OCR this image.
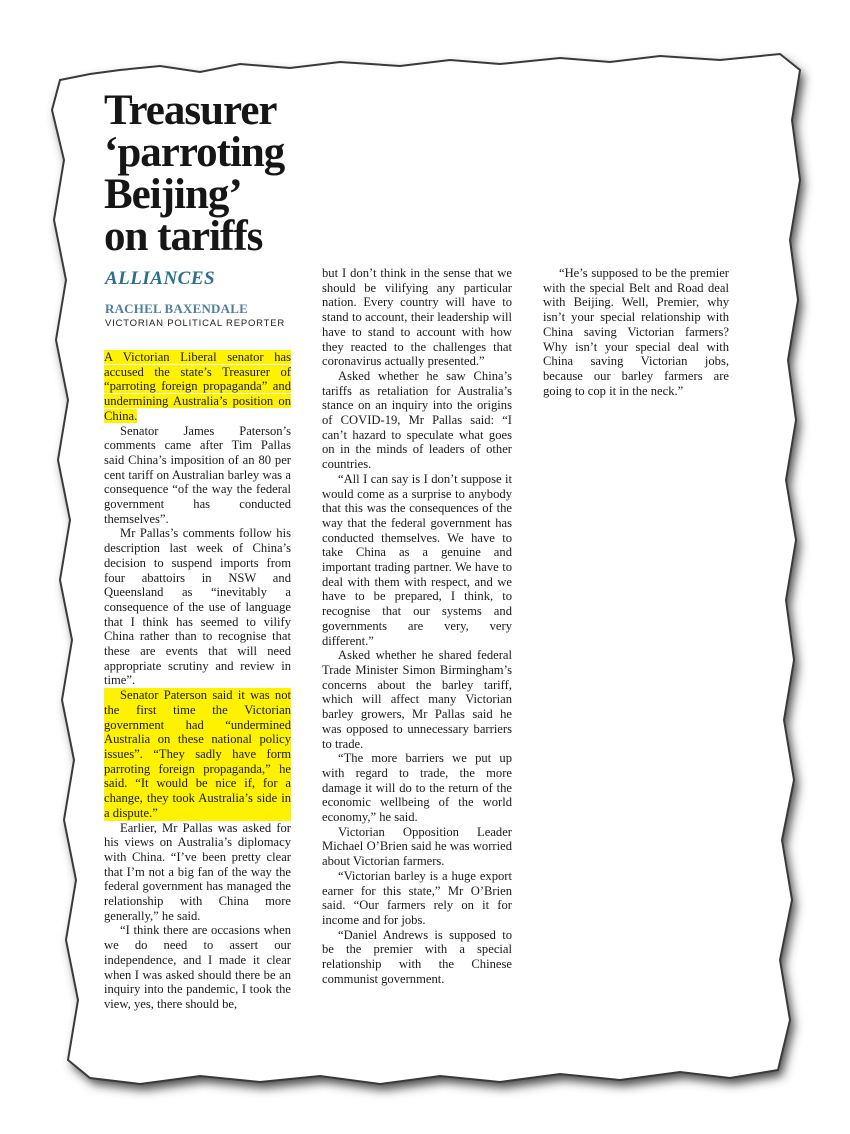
Treasurer
‘parroting
Beijing’
on tariffs
ALLIANCES
RACHEL BAXENDALE
VICTORIAN POLITICAL REPORTER

A Victorian Liberal senator has accused the state’s Treasurer of “parroting foreign propaganda” and undermining Australia’s position on China.

Senator James Paterson’s comments came after Tim Pallas said China’s imposition of an 80 per cent tariff on Australian barley was a consequence “of the way the federal government has conducted themselves”.

Mr Pallas’s comments follow his description last week of China’s decision to suspend imports from four abattoirs in NSW and Queensland as “inevitably a consequence of the use of language that I think has seemed to vilify China rather than to recognise that these are events that will need appropriate scrutiny and review in time”.

Senator Paterson said it was not the first time the Victorian government had “undermined Australia on these national policy issues”. “They sadly have form parroting foreign propaganda,” he said. “It would be nice if, for a change, they took Australia’s side in a dispute.”

Earlier, Mr Pallas was asked for his views on Australia’s diplomacy with China. “I’ve been pretty clear that I’m not a big fan of the way the federal government has managed the relationship with China more generally,” he said.

“I think there are occasions when we do need to assert our independence, and I made it clear when I was asked should there be an inquiry into the pandemic, I took the view, yes, there should be,

but I don’t think in the sense that we should be vilifying any particular nation. Every country will have to stand to account, their leadership will have to stand to account with how they reacted to the challenges that coronavirus actually presented.”

Asked whether he saw China’s tariffs as retaliation for Australia’s stance on an inquiry into the origins of COVID-19, Mr Pallas said: “I can’t hazard to speculate what goes on in the minds of leaders of other countries.

“All I can say is I don’t suppose it would come as a surprise to anybody that this was the consequences of the way that the federal government has conducted themselves. We have to take China as a genuine and important trading partner. We have to deal with them with respect, and we have to be prepared, I think, to recognise that our systems and governments are very, very different.”

Asked whether he shared federal Trade Minister Simon Birmingham’s concerns about the barley tariff, which will affect many Victorian barley growers, Mr Pallas said he was opposed to unnecessary barriers to trade.

“The more barriers we put up with regard to trade, the more damage it will do to the return of the economic wellbeing of the world economy,” he said.

Victorian Opposition Leader Michael O’Brien said he was worried about Victorian farmers.

“Victorian barley is a huge export earner for this state,” Mr O’Brien said. “Our farmers rely on it for income and for jobs.

“Daniel Andrews is supposed to be the premier with a special relationship with the Chinese communist government.

“He’s supposed to be the premier with the special Belt and Road deal with Beijing. Well, Premier, why isn’t your special relationship with China saving Victorian farmers? Why isn’t your special deal with China saving Victorian jobs, because our barley farmers are going to cop it in the neck.”
